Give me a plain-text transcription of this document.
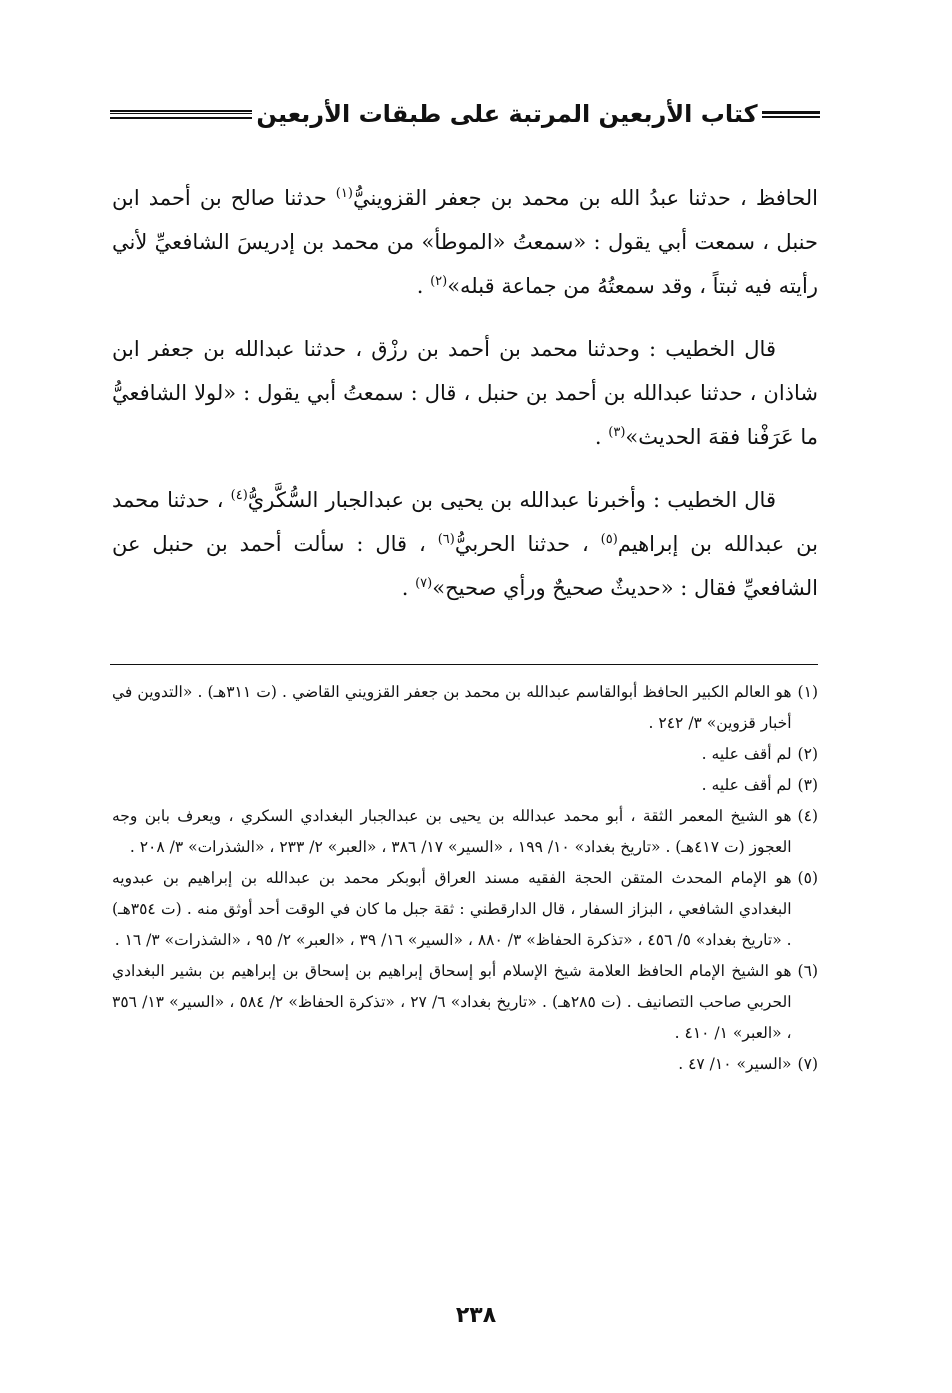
كتاب الأربعين المرتبة على طبقات الأربعين

الحافظ ، حدثنا عبدُ الله بن محمد بن جعفر القزوينيُّ$^{(١)}$ حدثنا صالح بن أحمد ابن حنبل ، سمعت أبي يقول : «سمعتُ «الموطأ» من محمد بن إدريسَ الشافعيِّ لأني رأيته فيه ثبتاً ، وقد سمعتُهُ من جماعة قبله»$^{(٢)}$ .

قال الخطيب : وحدثنا محمد بن أحمد بن رزْق ، حدثنا عبدالله بن جعفر ابن شاذان ، حدثنا عبدالله بن أحمد بن حنبل ، قال : سمعتُ أبي يقول : «لولا الشافعيُّ ما عَرَفْنا فقهَ الحديث»$^{(٣)}$ .

قال الخطيب : وأخبرنا عبدالله بن يحيى بن عبدالجبار السُّكَّريُّ$^{(٤)}$ ، حدثنا محمد بن عبدالله بن إبراهيم$^{(٥)}$ ، حدثنا الحربيُّ$^{(٦)}$ ، قال : سألت أحمد بن حنبل عن الشافعيِّ فقال : «حديثٌ صحيحٌ ورأي صحيح»$^{(٧)}$ .

(١)
هو العالم الكبير الحافظ أبوالقاسم عبدالله بن محمد بن جعفر القزويني القاضي . (ت ٣١١هـ) . «التدوين في أخبار قزوين» ٣/ ٢٤٢ .
(٢)
لم أقف عليه .
(٣)
لم أقف عليه .
(٤)
هو الشيخ المعمر الثقة ، أبو محمد عبدالله بن يحيى بن عبدالجبار البغدادي السكري ، ويعرف بابن وجه العجوز (ت ٤١٧هـ) . «تاريخ بغداد» ١٠/ ١٩٩ ، «السير» ١٧/ ٣٨٦ ، «العبر» ٢/ ٢٣٣ ، «الشذرات» ٣/ ٢٠٨ .
(٥)
هو الإمام المحدث المتقن الحجة الفقيه مسند العراق أبوبكر محمد بن عبدالله بن إبراهيم بن عبدويه البغدادي الشافعي ، البزاز السفار ، قال الدارقطني : ثقة جبل ما كان في الوقت أحد أوثق منه . (ت ٣٥٤هـ) . «تاريخ بغداد» ٥/ ٤٥٦ ، «تذكرة الحفاظ» ٣/ ٨٨٠ ، «السير» ١٦/ ٣٩ ، «العبر» ٢/ ٩٥ ، «الشذرات» ٣/ ١٦ .
(٦)
هو الشيخ الإمام الحافظ العلامة شيخ الإسلام أبو إسحاق إبراهيم بن إسحاق بن إبراهيم بن بشير البغدادي الحربي صاحب التصانيف . (ت ٢٨٥هـ) . «تاريخ بغداد» ٦/ ٢٧ ، «تذكرة الحفاظ» ٢/ ٥٨٤ ، «السير» ١٣/ ٣٥٦ ، «العبر» ١/ ٤١٠ .
(٧)
«السير» ١٠/ ٤٧ .
٢٣٨
